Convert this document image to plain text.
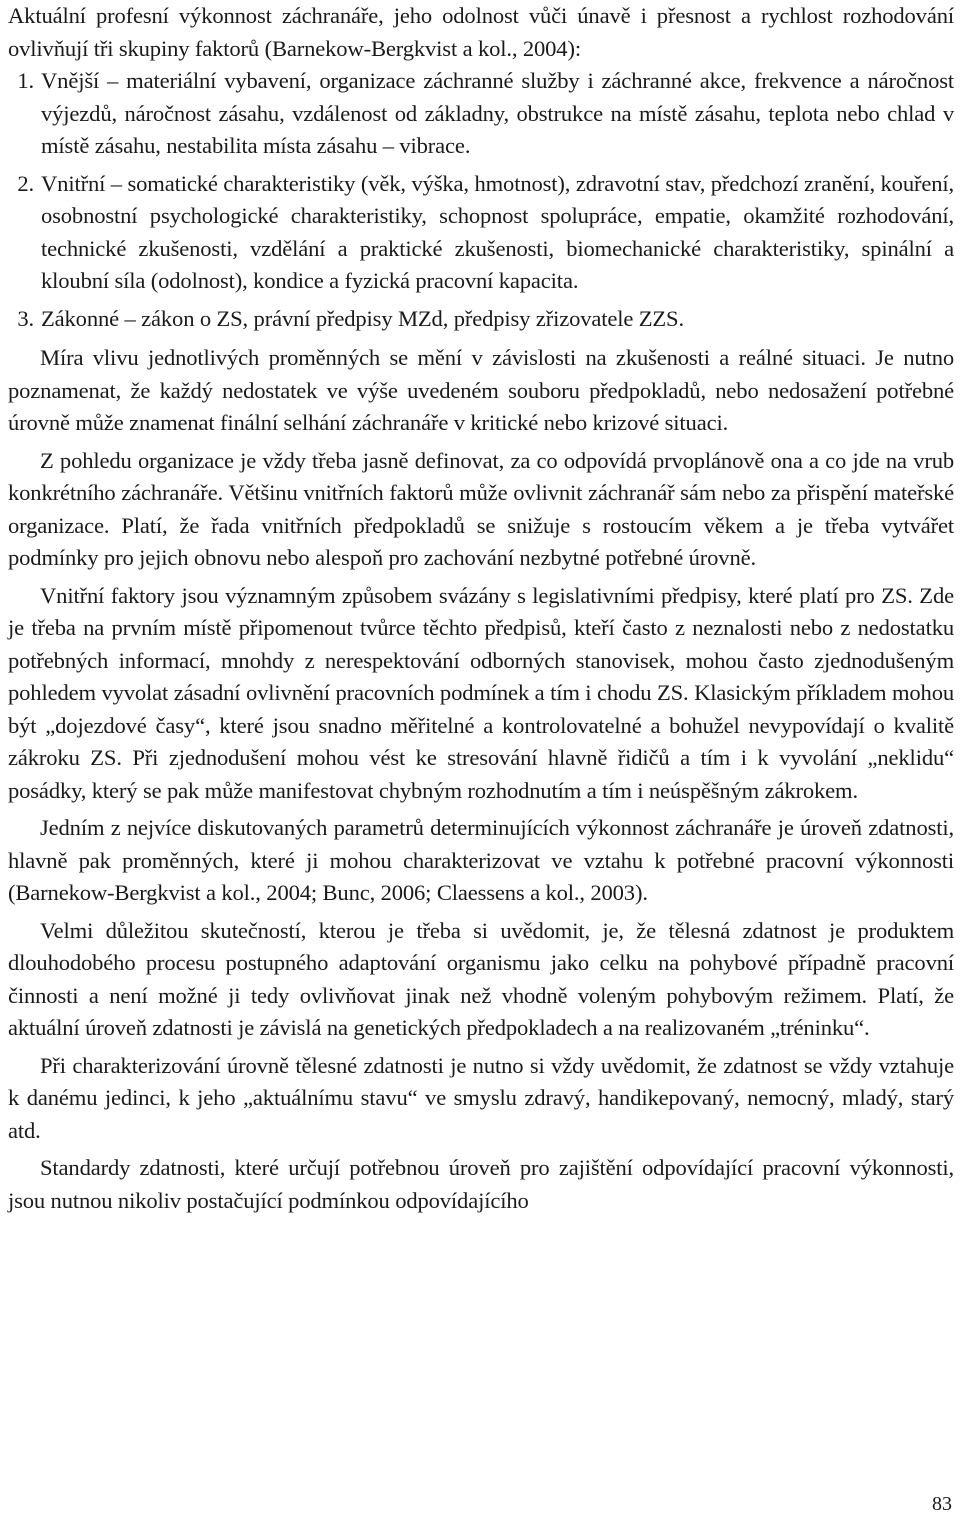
Aktuální profesní výkonnost záchranáře, jeho odolnost vůči únavě i přesnost a rychlost rozhodování ovlivňují tři skupiny faktorů (Barnekow-Bergkvist a kol., 2004):

1. Vnější – materiální vybavení, organizace záchranné služby i záchranné akce, frekvence a náročnost výjezdů, náročnost zásahu, vzdálenost od základny, obstrukce na místě zásahu, teplota nebo chlad v místě zásahu, nestabilita místa zásahu – vibrace.
2. Vnitřní – somatické charakteristiky (věk, výška, hmotnost), zdravotní stav, předchozí zranění, kouření, osobnostní psychologické charakteristiky, schopnost spolupráce, empatie, okamžité rozhodování, technické zkušenosti, vzdělání a praktické zkušenosti, biomechanické charakteristiky, spinální a kloubní síla (odolnost), kondice a fyzická pracovní kapacita.
3. Zákonné – zákon o ZS, právní předpisy MZd, předpisy zřizovatele ZZS.

Míra vlivu jednotlivých proměnných se mění v závislosti na zkušenosti a reálné situaci. Je nutno poznamenat, že každý nedostatek ve výše uvedeném souboru předpokladů, nebo nedosažení potřebné úrovně může znamenat finální selhání záchranáře v kritické nebo krizové situaci.

Z pohledu organizace je vždy třeba jasně definovat, za co odpovídá prvoplánově ona a co jde na vrub konkrétního záchranáře. Většinu vnitřních faktorů může ovlivnit záchranář sám nebo za přispění mateřské organizace. Platí, že řada vnitřních předpokladů se snižuje s rostoucím věkem a je třeba vytvářet podmínky pro jejich obnovu nebo alespoň pro zachování nezbytné potřebné úrovně.

Vnitřní faktory jsou významným způsobem svázány s legislativními předpisy, které platí pro ZS. Zde je třeba na prvním místě připomenout tvůrce těchto předpisů, kteří často z neznalosti nebo z nedostatku potřebných informací, mnohdy z nerespektování odborných stanovisek, mohou často zjednodušeným pohledem vyvolat zásadní ovlivnění pracovních podmínek a tím i chodu ZS. Klasickým příkladem mohou být „dojezdové časy“, které jsou snadno měřitelné a kontrolovatelné a bohužel nevypovídají o kvalitě zákroku ZS. Při zjednodušení mohou vést ke stresování hlavně řidičů a tím i k vyvolání „neklidu“ posádky, který se pak může manifestovat chybným rozhodnutím a tím i neúspěšným zákrokem.

Jedním z nejvíce diskutovaných parametrů determinujících výkonnost záchranáře je úroveň zdatnosti, hlavně pak proměnných, které ji mohou charakterizovat ve vztahu k potřebné pracovní výkonnosti (Barnekow-Bergkvist a kol., 2004; Bunc, 2006; Claessens a kol., 2003).

Velmi důležitou skutečností, kterou je třeba si uvědomit, je, že tělesná zdatnost je produktem dlouhodobého procesu postupného adaptování organismu jako celku na pohybové případně pracovní činnosti a není možné ji tedy ovlivňovat jinak než vhodně voleným pohybovým režimem. Platí, že aktuální úroveň zdatnosti je závislá na genetických předpokladech a na realizovaném „tréninku“.

Při charakterizování úrovně tělesné zdatnosti je nutno si vždy uvědomit, že zdatnost se vždy vztahuje k danému jedinci, k jeho „aktuálnímu stavu“ ve smyslu zdravý, handikepovaný, nemocný, mladý, starý atd.

Standardy zdatnosti, které určují potřebnou úroveň pro zajištění odpovídající pracovní výkonnosti, jsou nutnou nikoliv postačující podmínkou odpovídajícího

83
